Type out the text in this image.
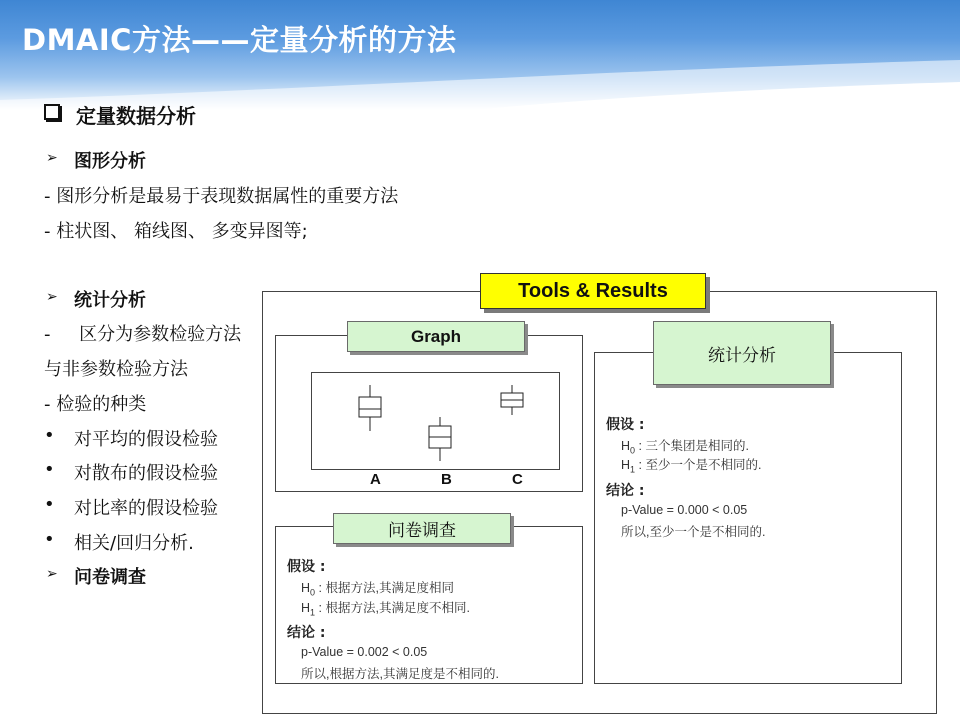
DMAIC方法——定量分析的方法
定量数据分析
➢ 图形分析
- 图形分析是最易于表现数据属性的重要方法
- 柱状图、 箱线图、 多变异图等;
➢ 统计分析
-     区分为参数检验方法
与非参数检验方法
- 检验的种类
• 对平均的假设检验
• 对散布的假设检验
• 对比率的假设检验
• 相关/回归分析.
➢ 问卷调查
Tools & Results
Graph
A	B	C
统计分析
假设 :
$H_0$ : 三个集团是相同的.
$H_1$ : 至少一个是不相同的.
结论 :
p-Value = 0.000 < 0.05
所以,至少一个是不相同的.
问卷调查
假设 :
$H_0$ : 根据方法,其满足度相同
$H_1$ : 根据方法,其满足度不相同.
结论 :
p-Value = 0.002 < 0.05
所以,根据方法,其满足度是不相同的.
